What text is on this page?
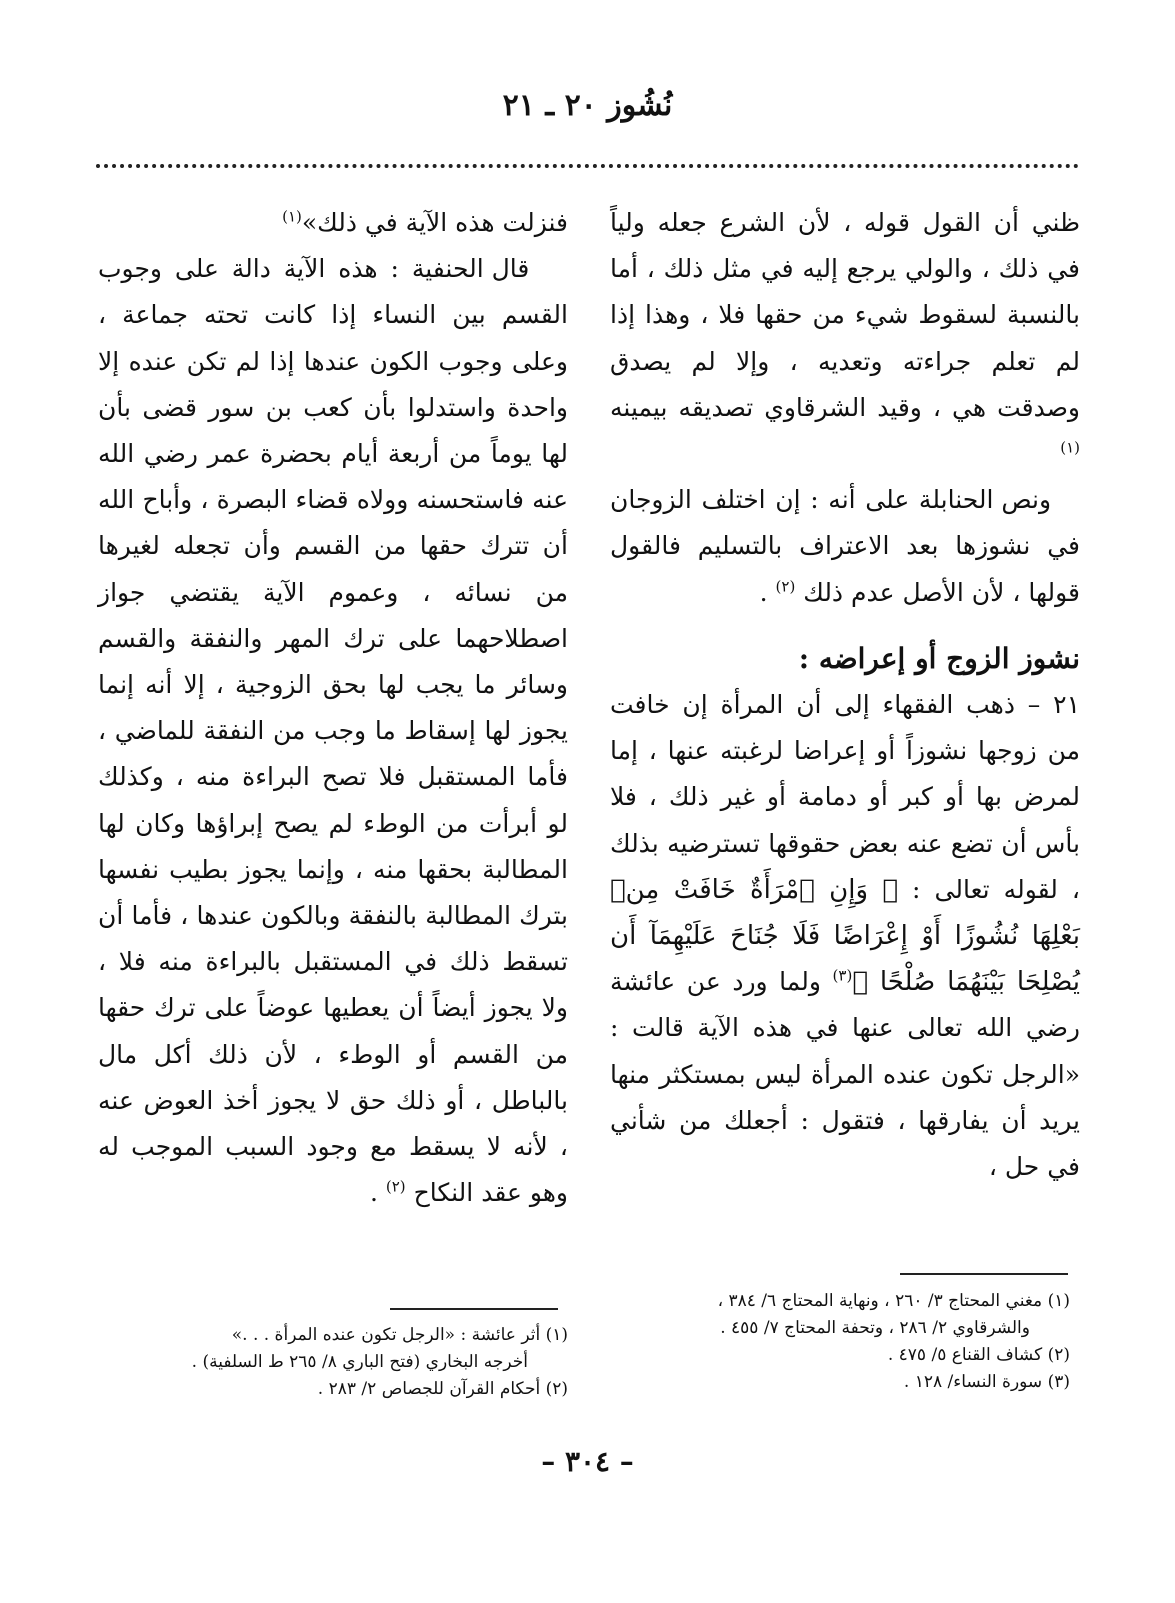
نُشُوز ٢٠ ـ ٢١

ظني أن القول قوله ، لأن الشرع جعله ولياً في ذلك ، والولي يرجع إليه في مثل ذلك ، أما بالنسبة لسقوط شيء من حقها فلا ، وهذا إذا لم تعلم جراءته وتعديه ، وإلا لم يصدق وصدقت هي ، وقيد الشرقاوي تصديقه بيمينه $^{(١)}$

ونص الحنابلة على أنه : إن اختلف الزوجان في نشوزها بعد الاعتراف بالتسليم فالقول قولها ، لأن الأصل عدم ذلك $^{(٢)}$ .

نشوز الزوج أو إعراضه :

٢١ – ذهب الفقهاء إلى أن المرأة إن خافت من زوجها نشوزاً أو إعراضا لرغبته عنها ، إما لمرض بها أو كبر أو دمامة أو غير ذلك ، فلا بأس أن تضع عنه بعض حقوقها تسترضيه بذلك ، لقوله تعالى : ﴿ وَإِنِ ٱمْرَأَةٌ خَافَتْ مِنۢ بَعْلِهَا نُشُوزًا أَوْ إِعْرَاضًا فَلَا جُنَاحَ عَلَيْهِمَآ أَن يُصْلِحَا بَيْنَهُمَا صُلْحًا ﴾$^{(٣)}$ ولما ورد عن عائشة رضي الله تعالى عنها في هذه الآية قالت : «الرجل تكون عنده المرأة ليس بمستكثر منها يريد أن يفارقها ، فتقول : أجعلك من شأني في حل ،

فنزلت هذه الآية في ذلك»$^{(١)}$

قال الحنفية : هذه الآية دالة على وجوب القسم بين النساء إذا كانت تحته جماعة ، وعلى وجوب الكون عندها إذا لم تكن عنده إلا واحدة واستدلوا بأن كعب بن سور قضى بأن لها يوماً من أربعة أيام بحضرة عمر رضي الله عنه فاستحسنه وولاه قضاء البصرة ، وأباح الله أن تترك حقها من القسم وأن تجعله لغيرها من نسائه ، وعموم الآية يقتضي جواز اصطلاحهما على ترك المهر والنفقة والقسم وسائر ما يجب لها بحق الزوجية ، إلا أنه إنما يجوز لها إسقاط ما وجب من النفقة للماضي ، فأما المستقبل فلا تصح البراءة منه ، وكذلك لو أبرأت من الوطء لم يصح إبراؤها وكان لها المطالبة بحقها منه ، وإنما يجوز بطيب نفسها بترك المطالبة بالنفقة وبالكون عندها ، فأما أن تسقط ذلك في المستقبل بالبراءة منه فلا ، ولا يجوز أيضاً أن يعطيها عوضاً على ترك حقها من القسم أو الوطء ، لأن ذلك أكل مال بالباطل ، أو ذلك حق لا يجوز أخذ العوض عنه ، لأنه لا يسقط مع وجود السبب الموجب له وهو عقد النكاح $^{(٢)}$ .

(١) مغني المحتاج ٣/ ٢٦٠ ، ونهاية المحتاج ٦/ ٣٨٤ ،

والشرقاوي ٢/ ٢٨٦ ، وتحفة المحتاج ٧/ ٤٥٥ .

(٢) كشاف القناع ٥/ ٤٧٥ .

(٣) سورة النساء/ ١٢٨ .

(١) أثر عائشة : «الرجل تكون عنده المرأة . . .»

أخرجه البخاري (فتح الباري ٨/ ٢٦٥ ط السلفية) .

(٢) أحكام القرآن للجصاص ٢/ ٢٨٣ .

– ٣٠٤ –
